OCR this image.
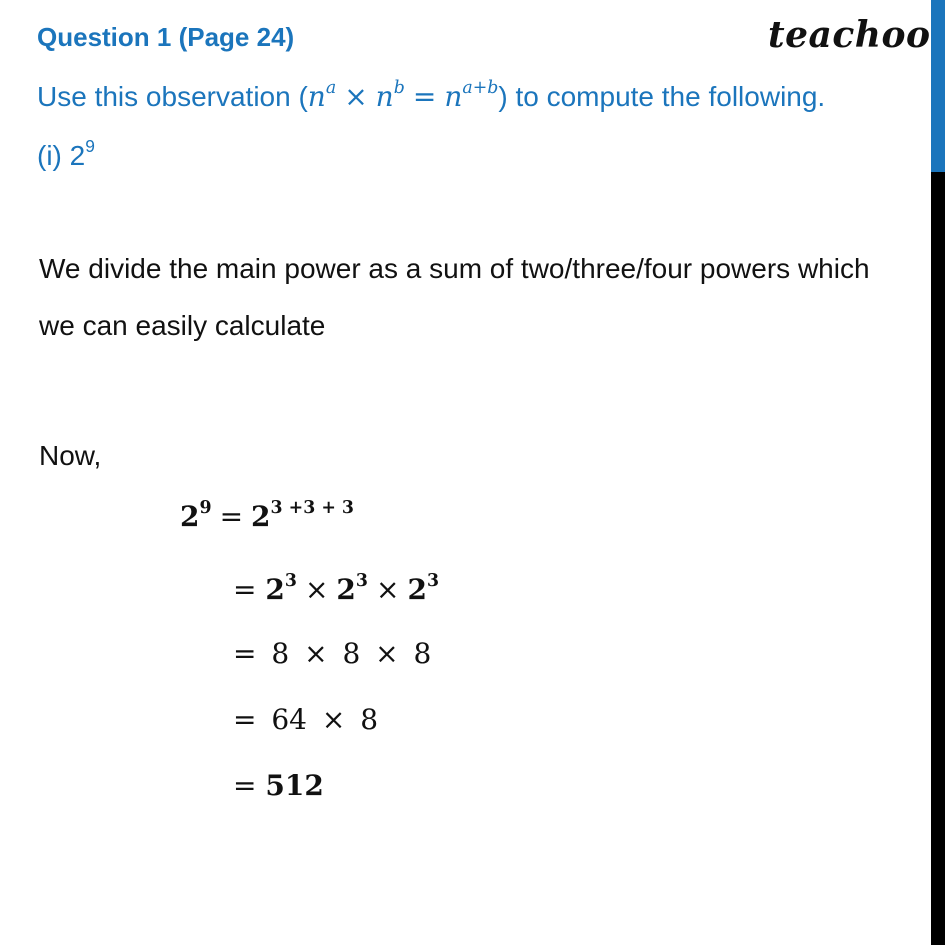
Question 1 (Page 24)	teachoo
Use this observation $(n^a \times n^b = n^{a+b})$ to compute the following.
(i) $2^9$
We divide the main power as a sum of two/three/four powers which
we can easily calculate
Now,
$2^9 = 2^{3 +3 + 3}$
= $2^3 \times 2^3 \times 2^3$
= 8 × 8 × 8
= 64 × 8
= 512
